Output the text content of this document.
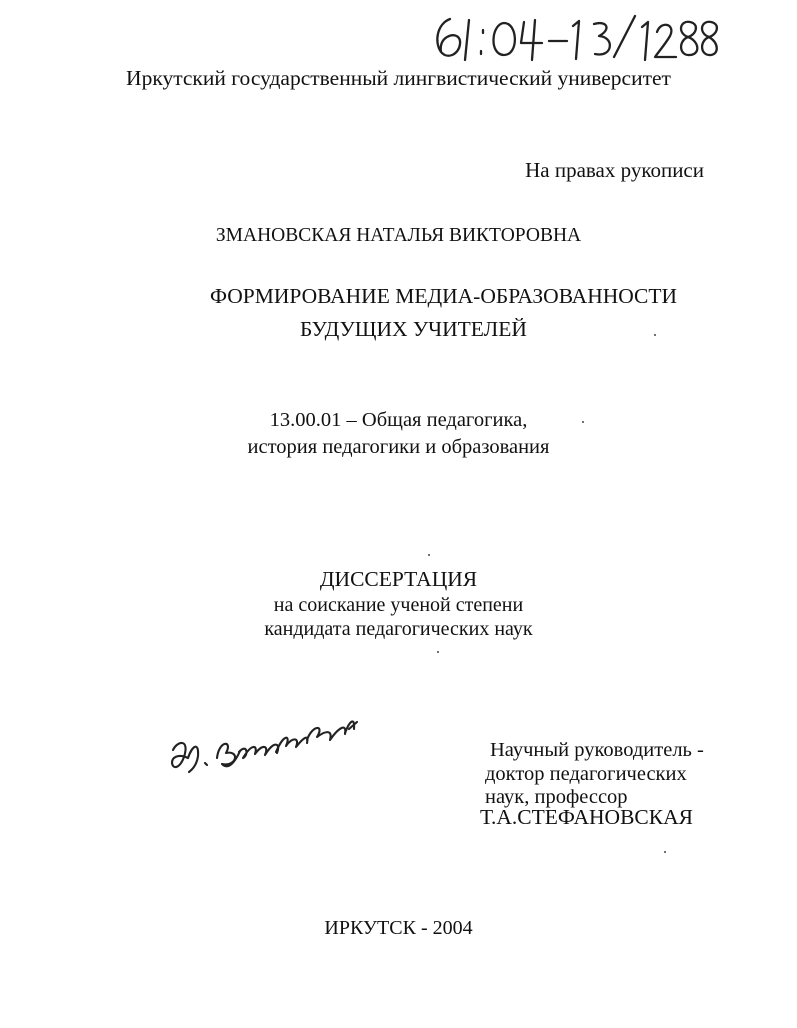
Иркутский государственный лингвистический университет
На правах рукописи
ЗМАНОВСКАЯ НАТАЛЬЯ ВИКТОРОВНА
ФОРМИРОВАНИЕ МЕДИА-ОБРАЗОВАННОСТИ
БУДУЩИХ УЧИТЕЛЕЙ
13.00.01 – Общая педагогика,
история педагогики и образования
ДИССЕРТАЦИЯ
на соискание ученой степени
кандидата педагогических наук
Научный руководитель -
доктор педагогических
наук, профессор
Т.А.СТЕФАНОВСКАЯ
ИРКУТСК - 2004
